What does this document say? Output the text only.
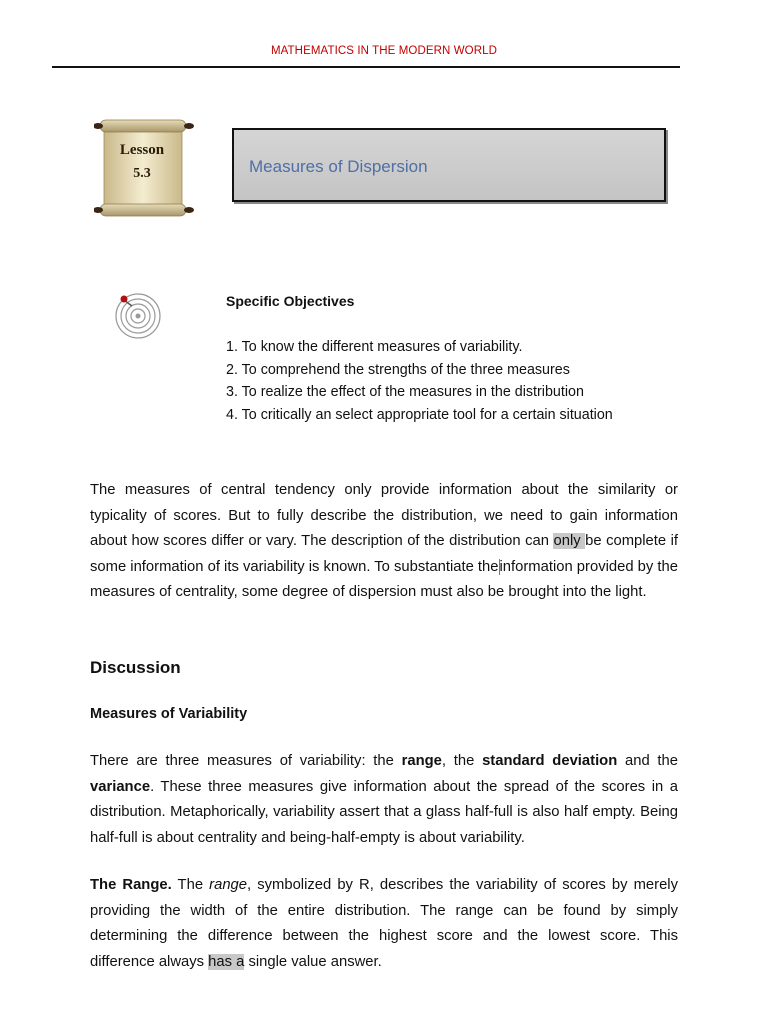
MATHEMATICS IN THE MODERN WORLD
Lesson
5.3	Measures of Dispersion
Specific Objectives
1. To know the different measures of variability.
2. To comprehend the strengths of the three measures
3. To realize the effect of the measures in the distribution
4. To critically an select appropriate tool for a certain situation

The measures of central tendency only provide information about the similarity or typicality of scores. But to fully describe the distribution, we need to gain information about how scores differ or vary. The description of the distribution can only be complete if some information of its variability is known. To substantiate theinformation provided by the measures of centrality, some degree of dispersion must also be brought into the light.

Discussion
Measures of Variability

There are three measures of variability: the range, the standard deviation and the variance. These three measures give information about the spread of the scores in a distribution. Metaphorically, variability assert that a glass half-full is also half empty. Being half-full is about centrality and being-half-empty is about variability.

The Range. The range, symbolized by R, describes the variability of scores by merely providing the width of the entire distribution. The range can be found by simply determining the difference between the highest score and the lowest score. This difference always has a single value answer.
